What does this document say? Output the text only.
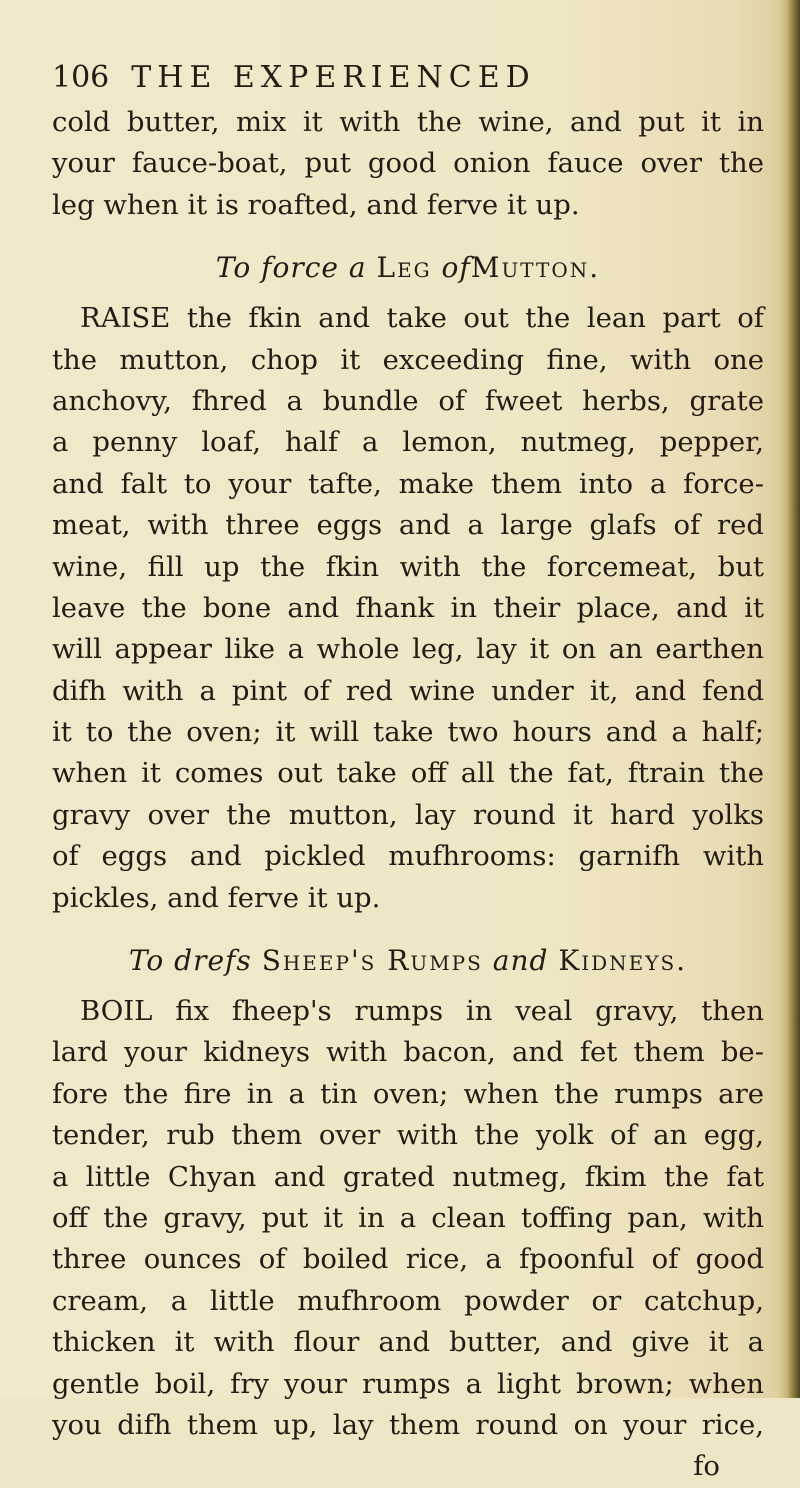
106 THE EXPERIENCED
cold butter, mix it with the wine, and put it in
your fauce-boat, put good onion fauce over the
leg when it is roafted, and ferve it up.
To force a Leg ofMutton.
RAISE the fkin and take out the lean part of
the mutton, chop it exceeding fine, with one
anchovy, fhred a bundle of fweet herbs, grate
a penny loaf, half a lemon, nutmeg, pepper,
and falt to your tafte, make them into a force-
meat, with three eggs and a large glafs of red
wine, fill up the fkin with the forcemeat, but
leave the bone and fhank in their place, and it
will appear like a whole leg, lay it on an earthen
difh with a pint of red wine under it, and fend
it to the oven; it will take two hours and a half;
when it comes out take off all the fat, ftrain the
gravy over the mutton, lay round it hard yolks
of eggs and pickled mufhrooms: garnifh with
pickles, and ferve it up.
To drefs Sheep's Rumps and Kidneys.
BOIL fix fheep's rumps in veal gravy, then
lard your kidneys with bacon, and fet them be-
fore the fire in a tin oven; when the rumps are
tender, rub them over with the yolk of an egg,
a little Chyan and grated nutmeg, fkim the fat
off the gravy, put it in a clean toffing pan, with
three ounces of boiled rice, a fpoonful of good
cream, a little mufhroom powder or catchup,
thicken it with flour and butter, and give it a
gentle boil, fry your rumps a light brown; when
you difh them up, lay them round on your rice,
fo
